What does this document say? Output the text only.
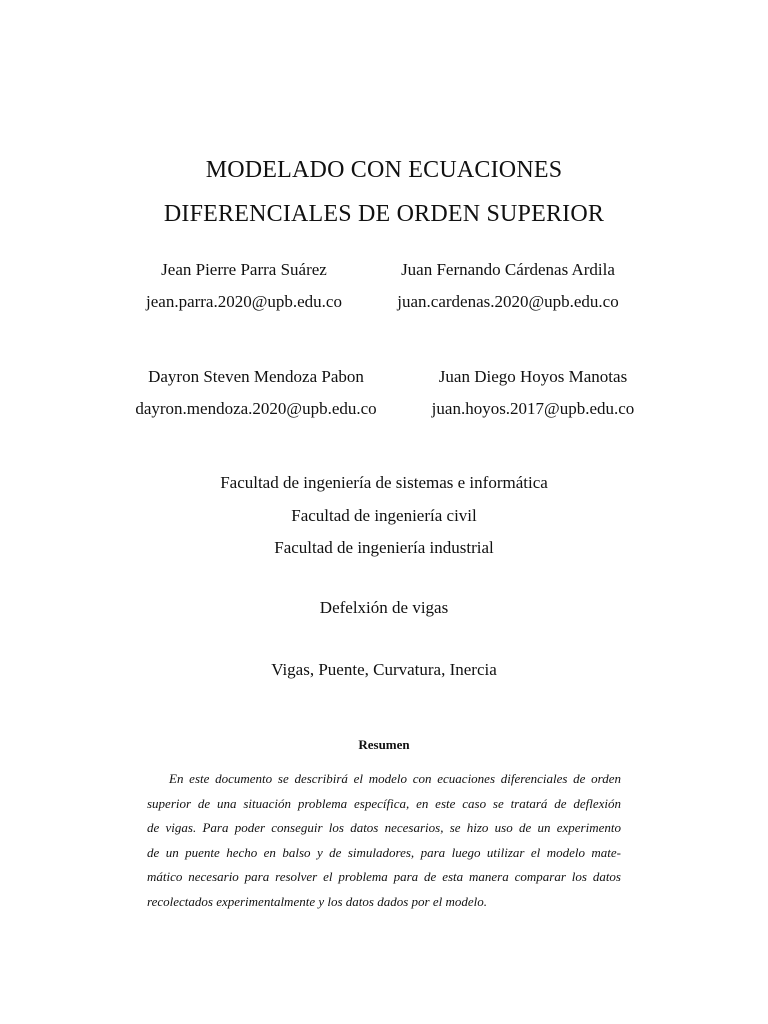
MODELADO CON ECUACIONES
DIFERENCIALES DE ORDEN SUPERIOR
Jean Pierre Parra Suárez
jean.parra.2020@upb.edu.co
Juan Fernando Cárdenas Ardila
juan.cardenas.2020@upb.edu.co
Dayron Steven Mendoza Pabon
dayron.mendoza.2020@upb.edu.co
Juan Diego Hoyos Manotas
juan.hoyos.2017@upb.edu.co
Facultad de ingeniería de sistemas e informática
Facultad de ingeniería civil
Facultad de ingeniería industrial
Defelxión de vigas
Vigas, Puente, Curvatura, Inercia
Resumen
En este documento se describirá el modelo con ecuaciones diferenciales de orden
superior de una situación problema específica, en este caso se tratará de deflexión
de vigas. Para poder conseguir los datos necesarios, se hizo uso de un experimento
de un puente hecho en balso y de simuladores, para luego utilizar el modelo mate-
mático necesario para resolver el problema para de esta manera comparar los datos
recolectados experimentalmente y los datos dados por el modelo.
